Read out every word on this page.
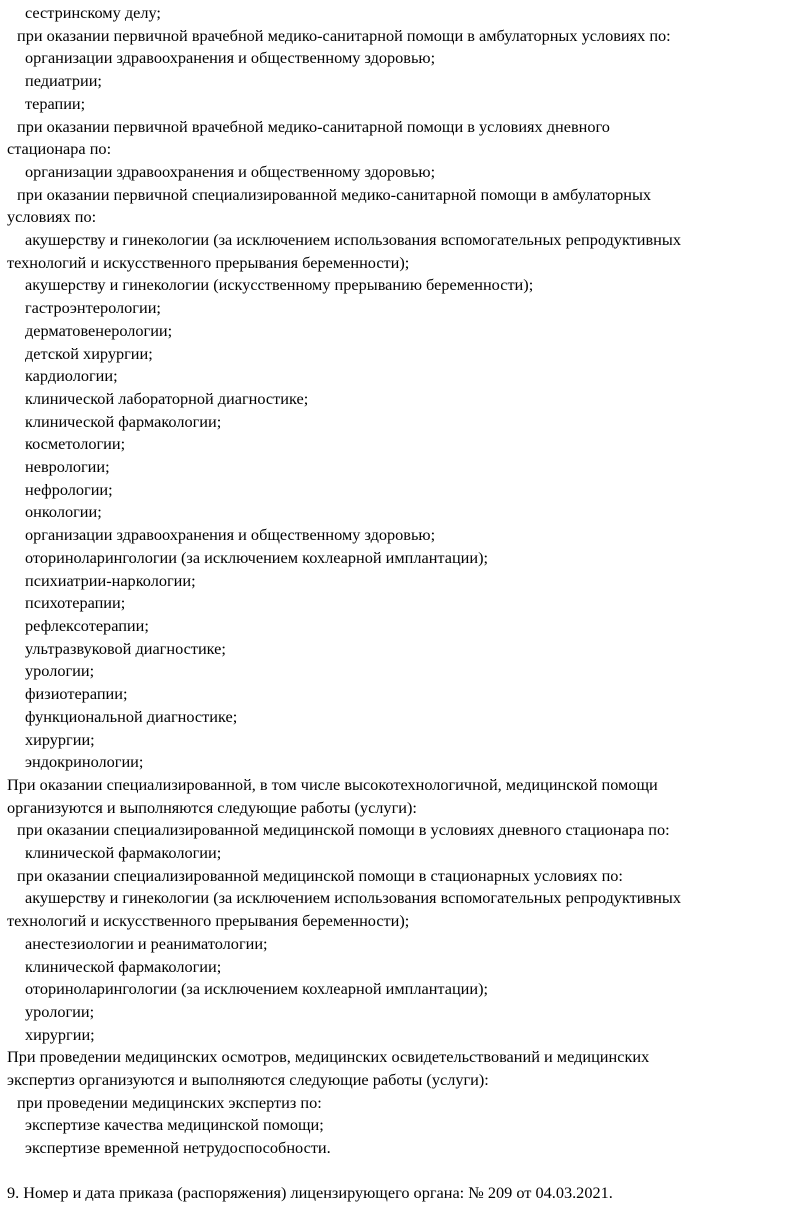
сестринскому делу;
при оказании первичной врачебной медико-санитарной помощи в амбулаторных условиях по:
организации здравоохранения и общественному здоровью;
педиатрии;
терапии;
при оказании первичной врачебной медико-санитарной помощи в условиях дневного
стационара по:
организации здравоохранения и общественному здоровью;
при оказании первичной специализированной медико-санитарной помощи в амбулаторных
условиях по:
акушерству и гинекологии (за исключением использования вспомогательных репродуктивных
технологий и искусственного прерывания беременности);
акушерству и гинекологии (искусственному прерыванию беременности);
гастроэнтерологии;
дерматовенерологии;
детской хирургии;
кардиологии;
клинической лабораторной диагностике;
клинической фармакологии;
косметологии;
неврологии;
нефрологии;
онкологии;
организации здравоохранения и общественному здоровью;
оториноларингологии (за исключением кохлеарной имплантации);
психиатрии-наркологии;
психотерапии;
рефлексотерапии;
ультразвуковой диагностике;
урологии;
физиотерапии;
функциональной диагностике;
хирургии;
эндокринологии;
При оказании специализированной, в том числе высокотехнологичной, медицинской помощи
организуются и выполняются следующие работы (услуги):
при оказании специализированной медицинской помощи в условиях дневного стационара по:
клинической фармакологии;
при оказании специализированной медицинской помощи в стационарных условиях по:
акушерству и гинекологии (за исключением использования вспомогательных репродуктивных
технологий и искусственного прерывания беременности);
анестезиологии и реаниматологии;
клинической фармакологии;
оториноларингологии (за исключением кохлеарной имплантации);
урологии;
хирургии;
При проведении медицинских осмотров, медицинских освидетельствований и медицинских
экспертиз организуются и выполняются следующие работы (услуги):
при проведении медицинских экспертиз по:
экспертизе качества медицинской помощи;
экспертизе временной нетрудоспособности.
9. Номер и дата приказа (распоряжения) лицензирующего органа: № 209 от 04.03.2021.
